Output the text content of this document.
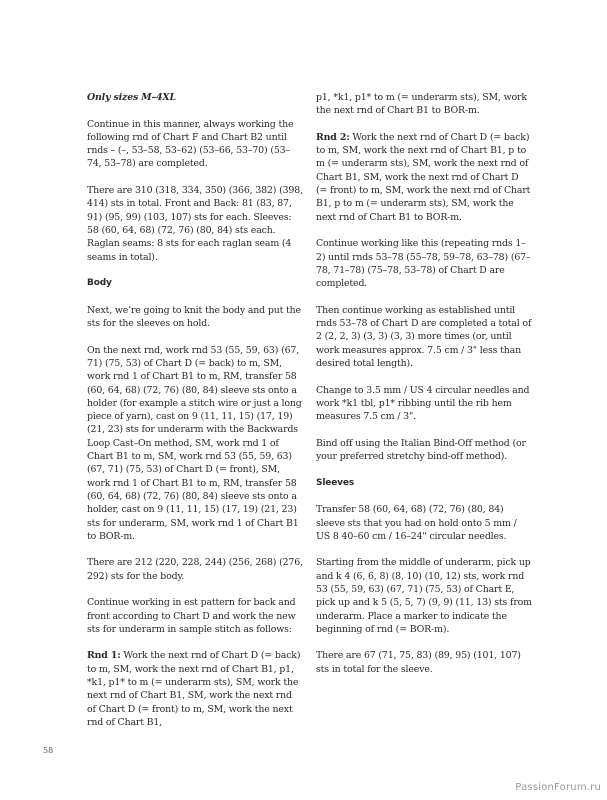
Only sizes M–4XL

Continue in this manner, always working the following rnd of Chart F and Chart B2 until rnds – (–, 53–58, 53–62) (53–66, 53–70) (53–74, 53–78) are completed.

There are 310 (318, 334, 350) (366, 382) (398, 414) sts in total. Front and Back: 81 (83, 87, 91) (95, 99) (103, 107) sts for each. Sleeves: 58 (60, 64, 68) (72, 76) (80, 84) sts each. Raglan seams: 8 sts for each raglan seam (4 seams in total).

Body

Next, we’re going to knit the body and put the sts for the sleeves on hold.

On the next rnd, work rnd 53 (55, 59, 63) (67, 71) (75, 53) of Chart D (= back) to m, SM, work rnd 1 of Chart B1 to m, RM, transfer 58 (60, 64, 68) (72, 76) (80, 84) sleeve sts onto a holder (for example a stitch wire or just a long piece of yarn), cast on 9 (11, 11, 15) (17, 19) (21, 23) sts for underarm with the Backwards Loop Cast–On method, SM, work rnd 1 of Chart B1 to m, SM, work rnd 53 (55, 59, 63) (67, 71) (75, 53) of Chart D (= front), SM, work rnd 1 of Chart B1 to m, RM, transfer 58 (60, 64, 68) (72, 76) (80, 84) sleeve sts onto a holder, cast on 9 (11, 11, 15) (17, 19) (21, 23) sts for underarm, SM, work rnd 1 of Chart B1 to BOR-m.

There are 212 (220, 228, 244) (256, 268) (276, 292) sts for the body.

Continue working in est pattern for back and front according to Chart D and work the new sts for underarm in sample stitch as follows:

Rnd 1: Work the next rnd of Chart D (= back) to m, SM, work the next rnd of Chart B1, p1, *k1, p1* to m (= underarm sts), SM, work the next rnd of Chart B1, SM, work the next rnd of Chart D (= front) to m, SM, work the next rnd of Chart B1,

p1, *k1, p1* to m (= underarm sts), SM, work the next rnd of Chart B1 to BOR-m.

Rnd 2: Work the next rnd of Chart D (= back) to m, SM, work the next rnd of Chart B1, p to m (= underarm sts), SM, work the next rnd of Chart B1, SM, work the next rnd of Chart D (= front) to m, SM, work the next rnd of Chart B1, p to m (= underarm sts), SM, work the next rnd of Chart B1 to BOR-m.

Continue working like this (repeating rnds 1–2) until rnds 53–78 (55–78, 59–78, 63–78) (67–78, 71–78) (75–78, 53–78) of Chart D are completed.

Then continue working as established until rnds 53–78 of Chart D are completed a total of 2 (2, 2, 3) (3, 3) (3, 3) more times (or, until work measures approx. 7.5 cm / 3" less than desired total length).

Change to 3.5 mm / US 4 circular needles and work *k1 tbl, p1* ribbing until the rib hem measures 7.5 cm / 3".

Bind off using the Italian Bind-Off method (or your preferred stretchy bind-off method).

Sleeves

Transfer 58 (60, 64, 68) (72, 76) (80, 84) sleeve sts that you had on hold onto 5 mm / US 8 40–60 cm / 16–24" circular needles.

Starting from the middle of underarm, pick up and k 4 (6, 6, 8) (8, 10) (10, 12) sts, work rnd 53 (55, 59, 63) (67, 71) (75, 53) of Chart E, pick up and k 5 (5, 5, 7) (9, 9) (11, 13) sts from underarm. Place a marker to indicate the beginning of rnd (= BOR-m).

There are 67 (71, 75, 83) (89, 95) (101, 107) sts in total for the sleeve.

58
PassionForum.ru
